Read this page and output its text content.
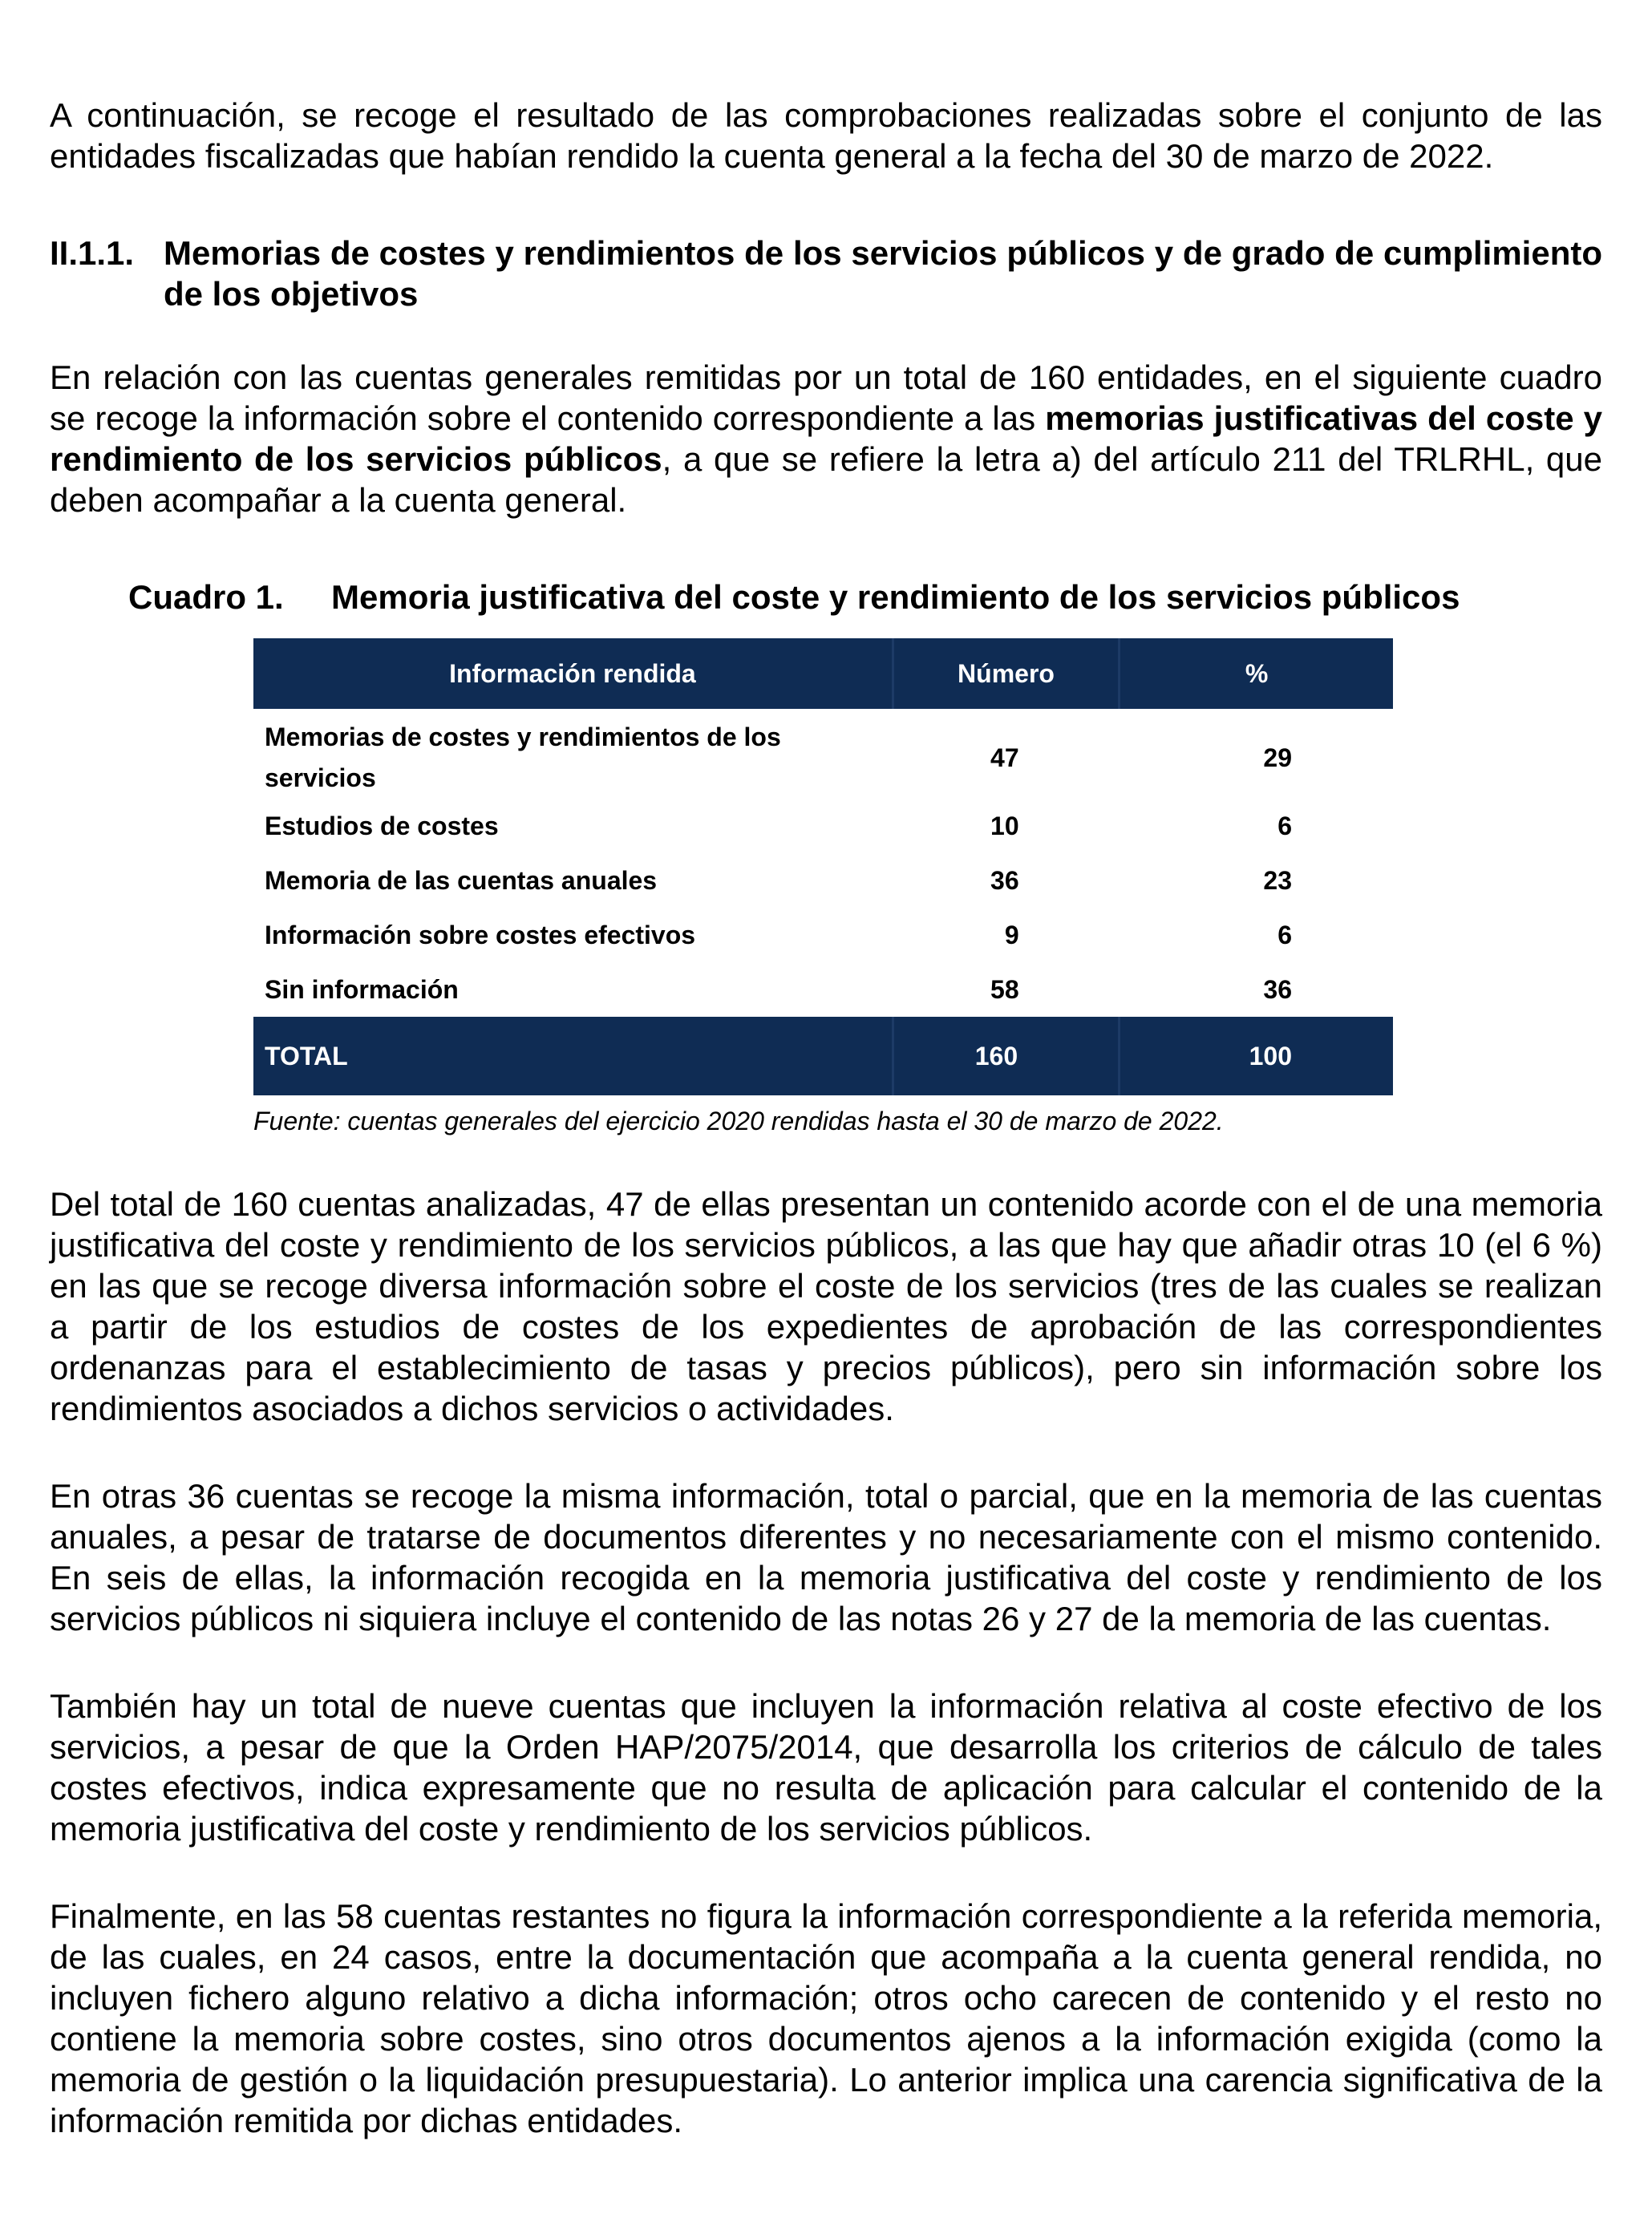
A continuación, se recoge el resultado de las comprobaciones realizadas sobre el conjunto de las entidades fiscalizadas que habían rendido la cuenta general a la fecha del 30 de marzo de 2022.

II.1.1. Memorias de costes y rendimientos de los servicios públicos y de grado de cumplimiento de los objetivos

En relación con las cuentas generales remitidas por un total de 160 entidades, en el siguiente cuadro se recoge la información sobre el contenido correspondiente a las memorias justificativas del coste y rendimiento de los servicios públicos, a que se refiere la letra a) del artículo 211 del TRLRHL, que deben acompañar a la cuenta general.

Cuadro 1.	Memoria justificativa del coste y rendimiento de los servicios públicos
Información rendida	Número	%
Memorias de costes y rendimientos de los servicios	47	29
Estudios de costes	10	6
Memoria de las cuentas anuales	36	23
Información sobre costes efectivos	9	6
Sin información	58	36
TOTAL	160	100
Fuente: cuentas generales del ejercicio 2020 rendidas hasta el 30 de marzo de 2022.

Del total de 160 cuentas analizadas, 47 de ellas presentan un contenido acorde con el de una memoria justificativa del coste y rendimiento de los servicios públicos, a las que hay que añadir otras 10 (el 6 %) en las que se recoge diversa información sobre el coste de los servicios (tres de las cuales se realizan a partir de los estudios de costes de los expedientes de aprobación de las correspondientes ordenanzas para el establecimiento de tasas y precios públicos), pero sin información sobre los rendimientos asociados a dichos servicios o actividades.

En otras 36 cuentas se recoge la misma información, total o parcial, que en la memoria de las cuentas anuales, a pesar de tratarse de documentos diferentes y no necesariamente con el mismo contenido. En seis de ellas, la información recogida en la memoria justificativa del coste y rendimiento de los servicios públicos ni siquiera incluye el contenido de las notas 26 y 27 de la memoria de las cuentas.

También hay un total de nueve cuentas que incluyen la información relativa al coste efectivo de los servicios, a pesar de que la Orden HAP/2075/2014, que desarrolla los criterios de cálculo de tales costes efectivos, indica expresamente que no resulta de aplicación para calcular el contenido de la memoria justificativa del coste y rendimiento de los servicios públicos.

Finalmente, en las 58 cuentas restantes no figura la información correspondiente a la referida memoria, de las cuales, en 24 casos, entre la documentación que acompaña a la cuenta general rendida, no incluyen fichero alguno relativo a dicha información; otros ocho carecen de contenido y el resto no contiene la memoria sobre costes, sino otros documentos ajenos a la información exigida (como la memoria de gestión o la liquidación presupuestaria). Lo anterior implica una carencia significativa de la información remitida por dichas entidades.
